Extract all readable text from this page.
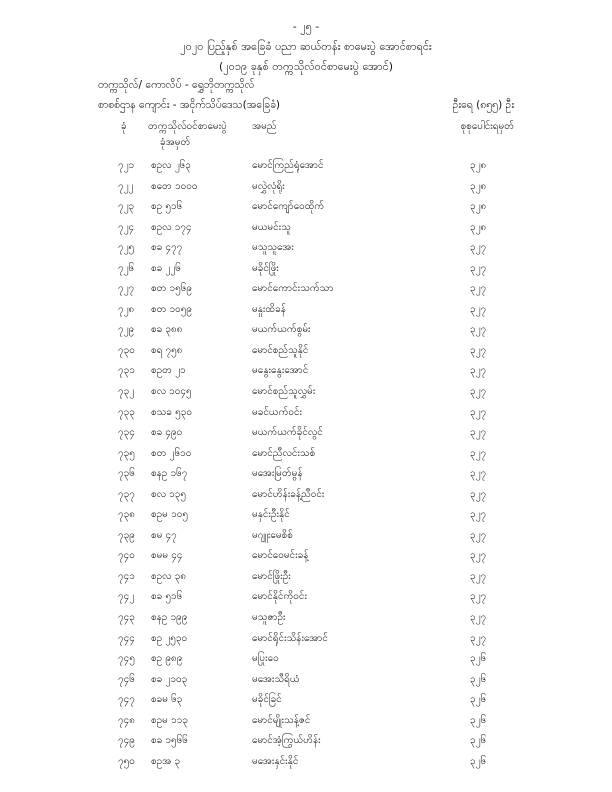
- ၂၅ -
၂၀၂၀ ပြည့်နှစ် အခြေခံ ပညာ ဆယ်တန်း စာမေးပွဲ အောင်စာရင်း
(၂၀၁၉ ခုနှစ် တက္ကသိုလ်ဝင်စာမေးပွဲ အောင်)
တက္ကသိုလ်/ ကောလိပ် - ရွှေဘိုတက္ကသိုလ်
စာစစ်ဌာန ကျောင်း - အငိုက်သိပ်ဒေသ(အခြေခံ)	ဦးရေ (၈၅၅) ဦး
ခုံ တက္ကသိုလ်ဝင်စာမေးပွဲ
ခုံအမှတ်
အမည်	စုစုပေါင်းရမှတ်
၇၂၁ စဥလ ၂၆၃	မောင်ကြည်ရုံအောင်	၃၂၈
၇၂၂ စတေ ၁၀၀၀	မလွှဲလုံရိုး	၃၂၈
၇၂၃ စဥ ၅၁၆	မောင်ကျော်ဝေထိုက်	၃၂၈
၇၂၄ စဥလ ၁၇၄	မယမင်းသူ	၃၂၈
၇၂၅ စခ ၄၇၇	မသူသူအေး	၃၂၇
၇၂၆ စခ ၂၂၆	မခိုင်ဖြိုး	၃၂၇
၇၂၇ စတ ၁၅၆၉	မောင်ကောင်းသက်သာ	၃၂၇
၇၂၈ စတ ၁၀၅၉	မနှုးထိခန်	၃၂၇
၇၂၉ စခ ၃၈၈	မယက်ယက်စွမ်း	၃၂၇
၇၃၀ စရ ၇၅၈	မောင်စည်သူနိုင်	၃၂၇
၇၃၁ စဥတ ၂၁	မနွေးနွေးအောင်	၃၂၇
၇၃၂ စလ ၁၀၄၅	မောင်စည်သူလွှမ်း	၃၂၇
၇၃၃ စသခ ၅၃၀	မခင်ယက်ဝင်း	၃၂၇
၇၃၄ စခ ၄၉၀	မယက်ယက်ခိုင်လွင်	၃၂၇
၇၃၅ စတ ၂၆၁၀	မောင်ညီလင်းသစ်	၃၂၇
၇၃၆ စနဥ ၁၆၇	မအေးမြတ်မွန်	၃၂၇
၇၃၇ စလ ၁၃၅	မောင်ဟိန်းခန့်ညီဝင်း	၃၂၇
၇၃၈ စဥမ ၁၀၅	မနှင်းဦးနိုင်	၃၂၇
၇၃၉ စမ ၄၇	မဂျူးမေစိစ်	၃၂၇
၇၄၀ စမမ ၄၄	မောင်ဝေမင်းခန့်	၃၂၇
၇၄၁ စဥလ ၃၈	မောင်ဖြိုးဦး	၃၂၇
၇၄၂ စခ ၅၁၆	မောင်နိုင်ကိုဝင်း	၃၂၇
၇၄၃ စနဥ ၁၉၉	မသူဇာဦး	၃၂၇
၇၄၄ စဥ ၂၅၃၀	မောင်ရိုင်းသိန်းအောင်	၃၂၇
၇၄၅ စဥ ၉၈၉	မပြုးဝေ	၃၂၆
၇၄၆ စခ ၂၁၀၃	မအေးသီရိယံ	၃၂၆
၇၄၇ စခမ ၆၃	မခိုင်ခြင်	၃၂၆
၇၄၈ စဥမ ၁၁၃	မောင်မျိုးသန့်ဇင်	၃၂၆
၇၄၉ စခ ၁၅၆၆	မောင်အံ့ကြွယ်ဟိန်း	၃၂၆
၇၅၀ စဥအ ၃	မအေးနှင်းနိုင်	၃၂၆
